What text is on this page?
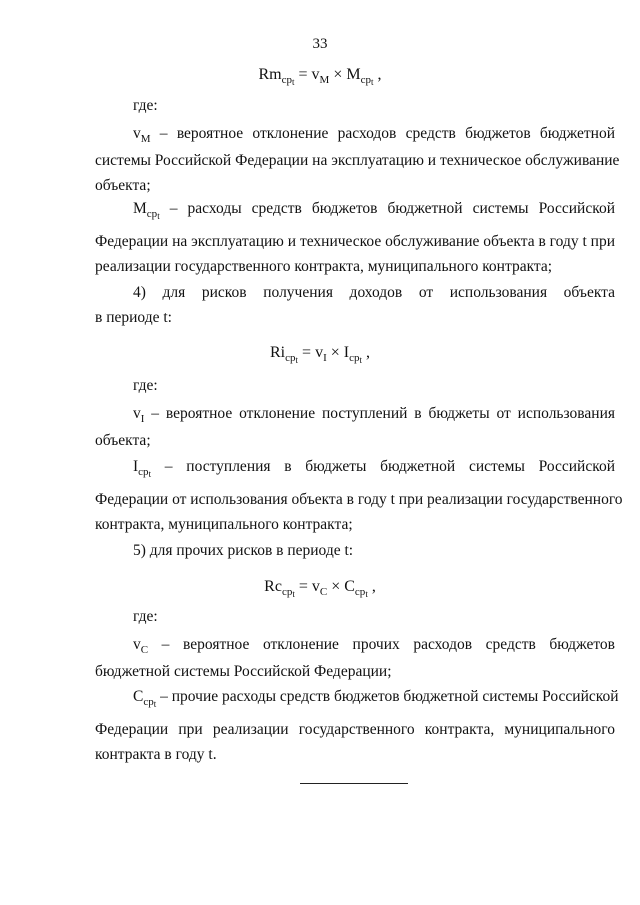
33
$Rm_{cpt} = v_M \times M_{cpt}$ ,
где:
$v_M$ – вероятное отклонение расходов средств бюджетов бюджетной
системы Российской Федерации на эксплуатацию и техническое обслуживание
объекта;
$M_{cpt}$ – расходы средств бюджетов бюджетной системы Российской
Федерации на эксплуатацию и техническое обслуживание объекта в году t при
реализации государственного контракта, муниципального контракта;
4) для рисков получения доходов от использования объекта
в периоде t:
$Ri_{cpt} = v_I \times I_{cpt}$ ,
где:
$v_I$ – вероятное отклонение поступлений в бюджеты от использования
объекта;
$I_{cpt}$ – поступления в бюджеты бюджетной системы Российской
Федерации от использования объекта в году t при реализации государственного
контракта, муниципального контракта;
5) для прочих рисков в периоде t:
$Rc_{cpt} = v_C \times C_{cpt}$ ,
где:
$v_C$ – вероятное отклонение прочих расходов средств бюджетов
бюджетной системы Российской Федерации;
$C_{cpt}$ – прочие расходы средств бюджетов бюджетной системы Российской
Федерации при реализации государственного контракта, муниципального
контракта в году t.
